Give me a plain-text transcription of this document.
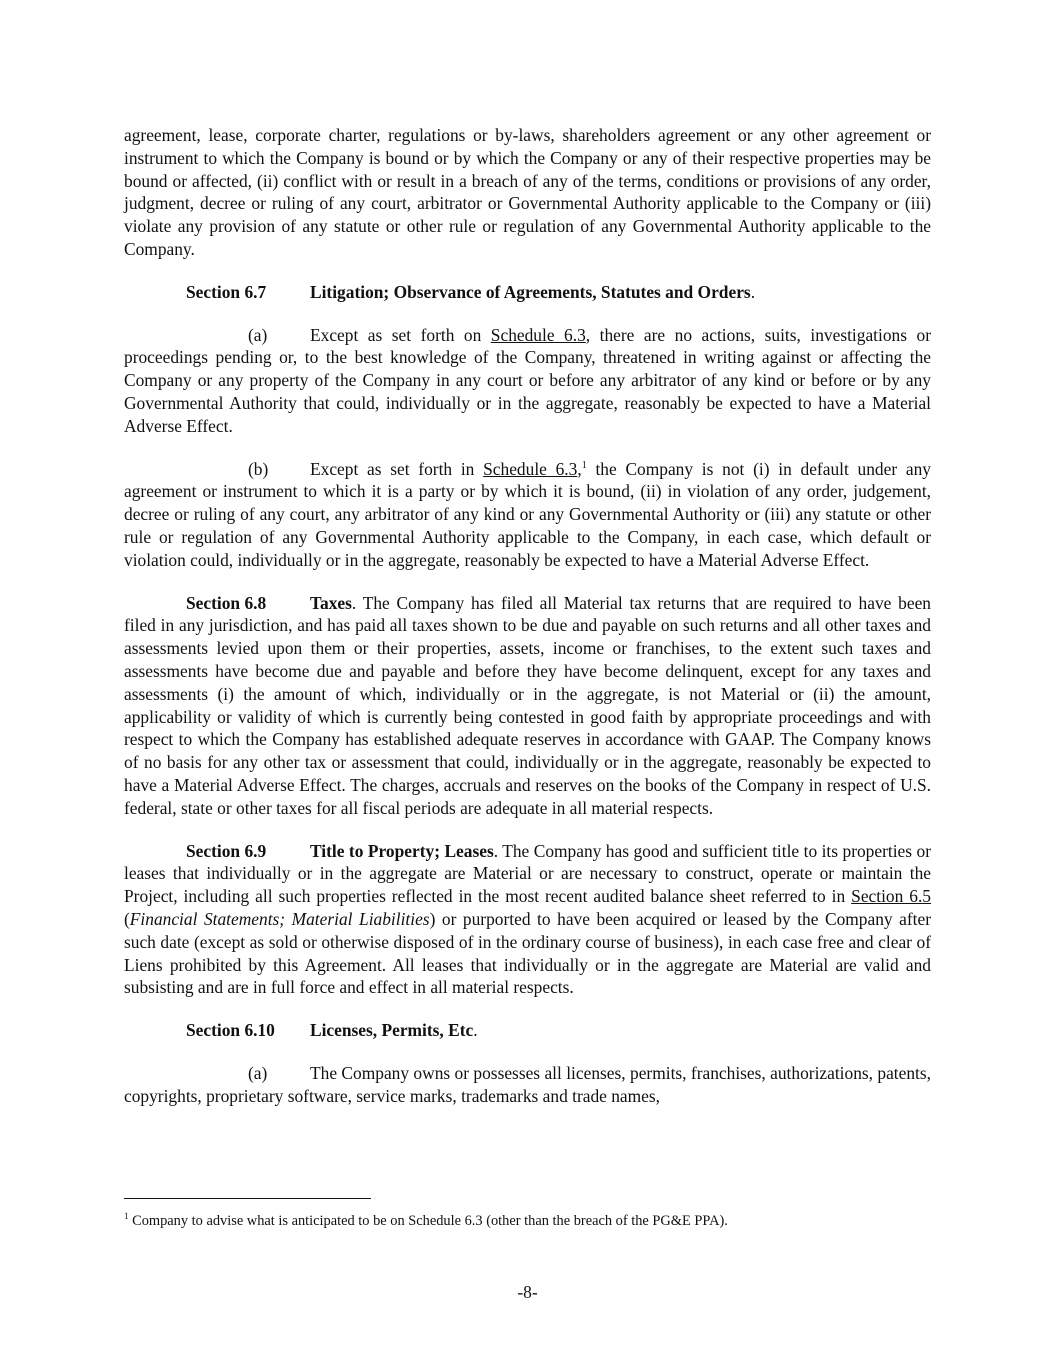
agreement, lease, corporate charter, regulations or by-laws, shareholders agreement or any other agreement or instrument to which the Company is bound or by which the Company or any of their respective properties may be bound or affected, (ii) conflict with or result in a breach of any of the terms, conditions or provisions of any order, judgment, decree or ruling of any court, arbitrator or Governmental Authority applicable to the Company or (iii) violate any provision of any statute or other rule or regulation of any Governmental Authority applicable to the Company.

Section 6.7	Litigation; Observance of Agreements, Statutes and Orders.

(a) Except as set forth on Schedule 6.3, there are no actions, suits, investigations or proceedings pending or, to the best knowledge of the Company, threatened in writing against or affecting the Company or any property of the Company in any court or before any arbitrator of any kind or before or by any Governmental Authority that could, individually or in the aggregate, reasonably be expected to have a Material Adverse Effect.

(b) Except as set forth in Schedule 6.3,$^1$ the Company is not (i) in default under any agreement or instrument to which it is a party or by which it is bound, (ii) in violation of any order, judgement, decree or ruling of any court, any arbitrator of any kind or any Governmental Authority or (iii) any statute or other rule or regulation of any Governmental Authority applicable to the Company, in each case, which default or violation could, individually or in the aggregate, reasonably be expected to have a Material Adverse Effect.

Section 6.8	Taxes. The Company has filed all Material tax returns that are required to have been filed in any jurisdiction, and has paid all taxes shown to be due and payable on such returns and all other taxes and assessments levied upon them or their properties, assets, income or franchises, to the extent such taxes and assessments have become due and payable and before they have become delinquent, except for any taxes and assessments (i) the amount of which, individually or in the aggregate, is not Material or (ii) the amount, applicability or validity of which is currently being contested in good faith by appropriate proceedings and with respect to which the Company has established adequate reserves in accordance with GAAP. The Company knows of no basis for any other tax or assessment that could, individually or in the aggregate, reasonably be expected to have a Material Adverse Effect. The charges, accruals and reserves on the books of the Company in respect of U.S. federal, state or other taxes for all fiscal periods are adequate in all material respects.

Section 6.9	Title to Property; Leases. The Company has good and sufficient title to its properties or leases that individually or in the aggregate are Material or are necessary to construct, operate or maintain the Project, including all such properties reflected in the most recent audited balance sheet referred to in Section 6.5 (Financial Statements; Material Liabilities) or purported to have been acquired or leased by the Company after such date (except as sold or otherwise disposed of in the ordinary course of business), in each case free and clear of Liens prohibited by this Agreement. All leases that individually or in the aggregate are Material are valid and subsisting and are in full force and effect in all material respects.

Section 6.10 Licenses, Permits, Etc.

(a) The Company owns or possesses all licenses, permits, franchises, authorizations, patents, copyrights, proprietary software, service marks, trademarks and trade names,

$^1$ Company to advise what is anticipated to be on Schedule 6.3 (other than the breach of the PG&E PPA).
-8-
